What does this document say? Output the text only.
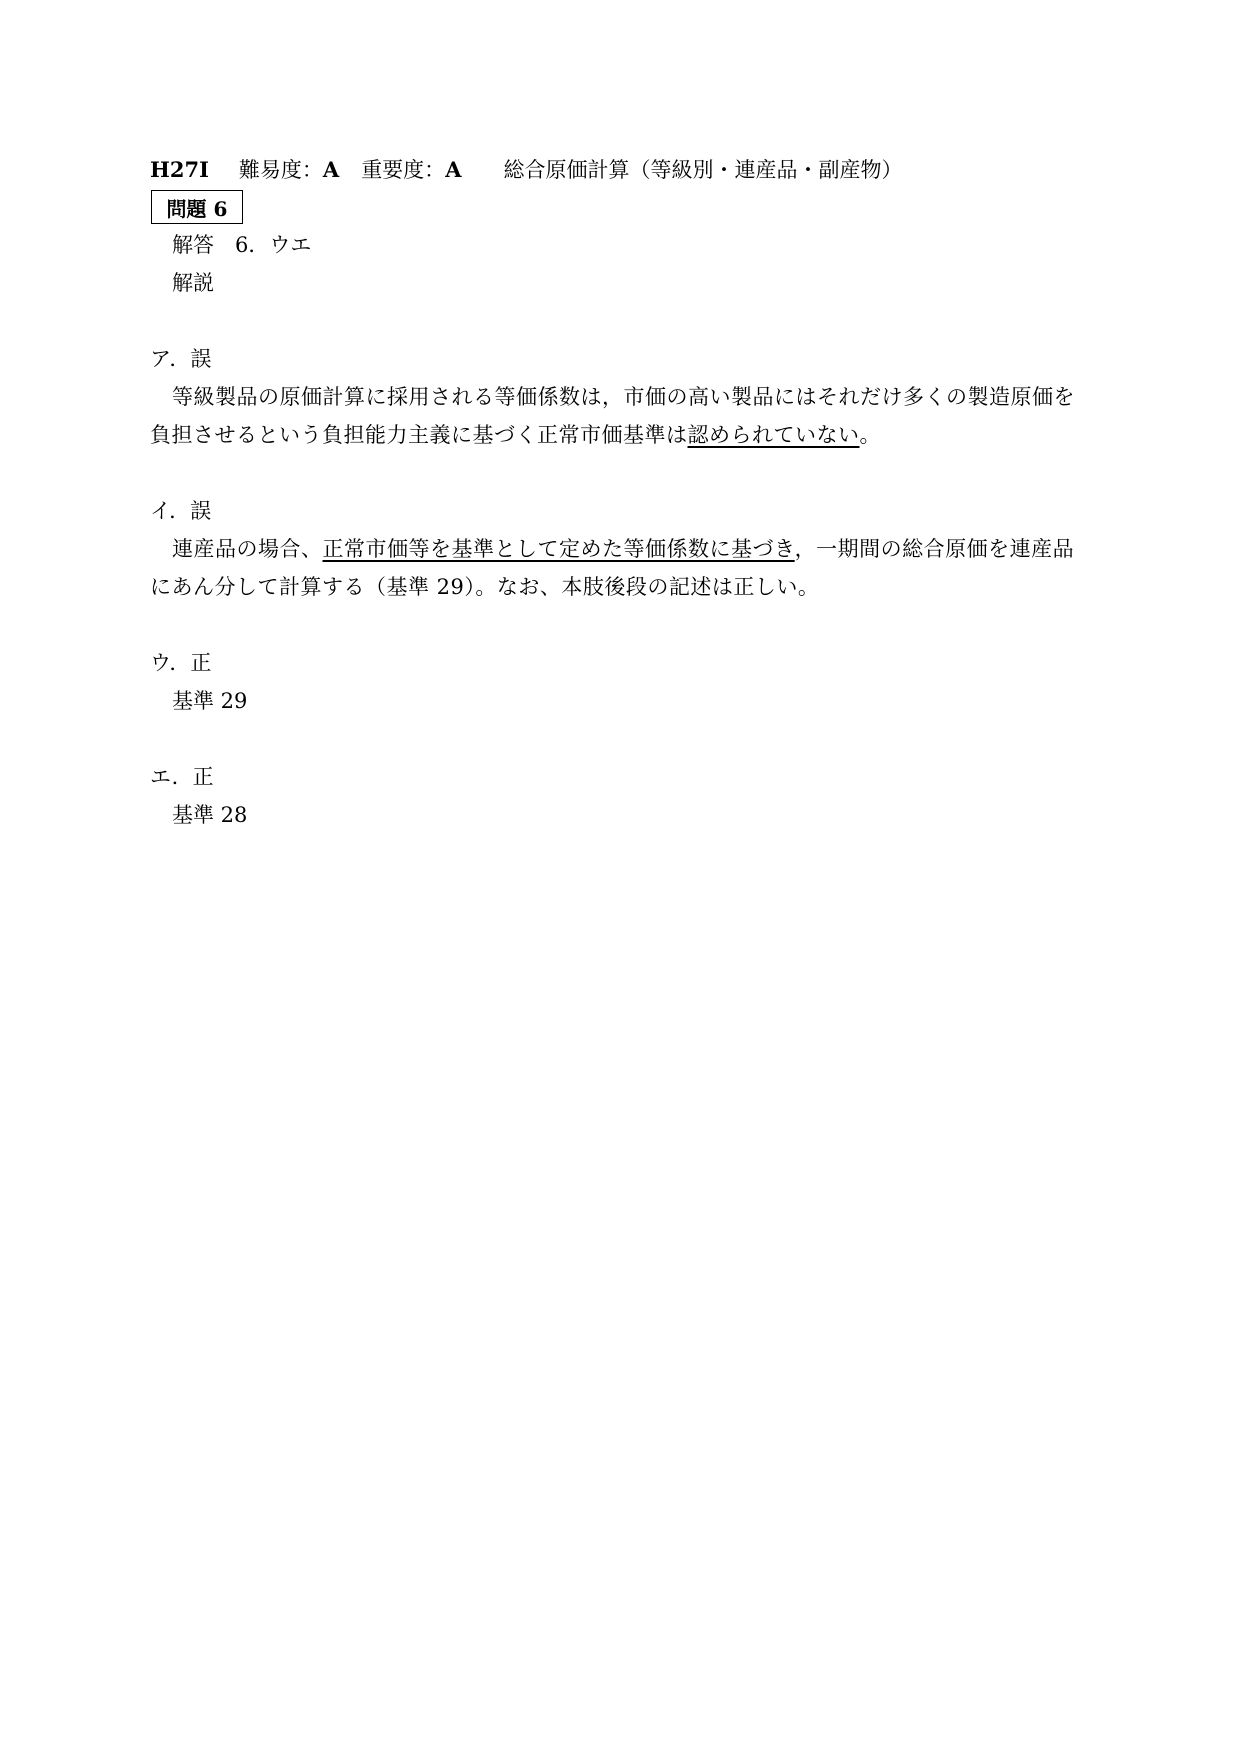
H27I 難易度：A 重要度：A 総合原価計算（等級別・連産品・副産物）
問題 6
解答　6．ウエ
解説
ア．誤
等級製品の原価計算に採用される等価係数は，市価の高い製品にはそれだけ多くの製造原価を
負担させるという負担能力主義に基づく正常市価基準は認められていない。
イ．誤
連産品の場合、正常市価等を基準として定めた等価係数に基づき，一期間の総合原価を連産品
にあん分して計算する（基準 29）。なお、本肢後段の記述は正しい。
ウ．正
基準 29
エ．正
基準 28
